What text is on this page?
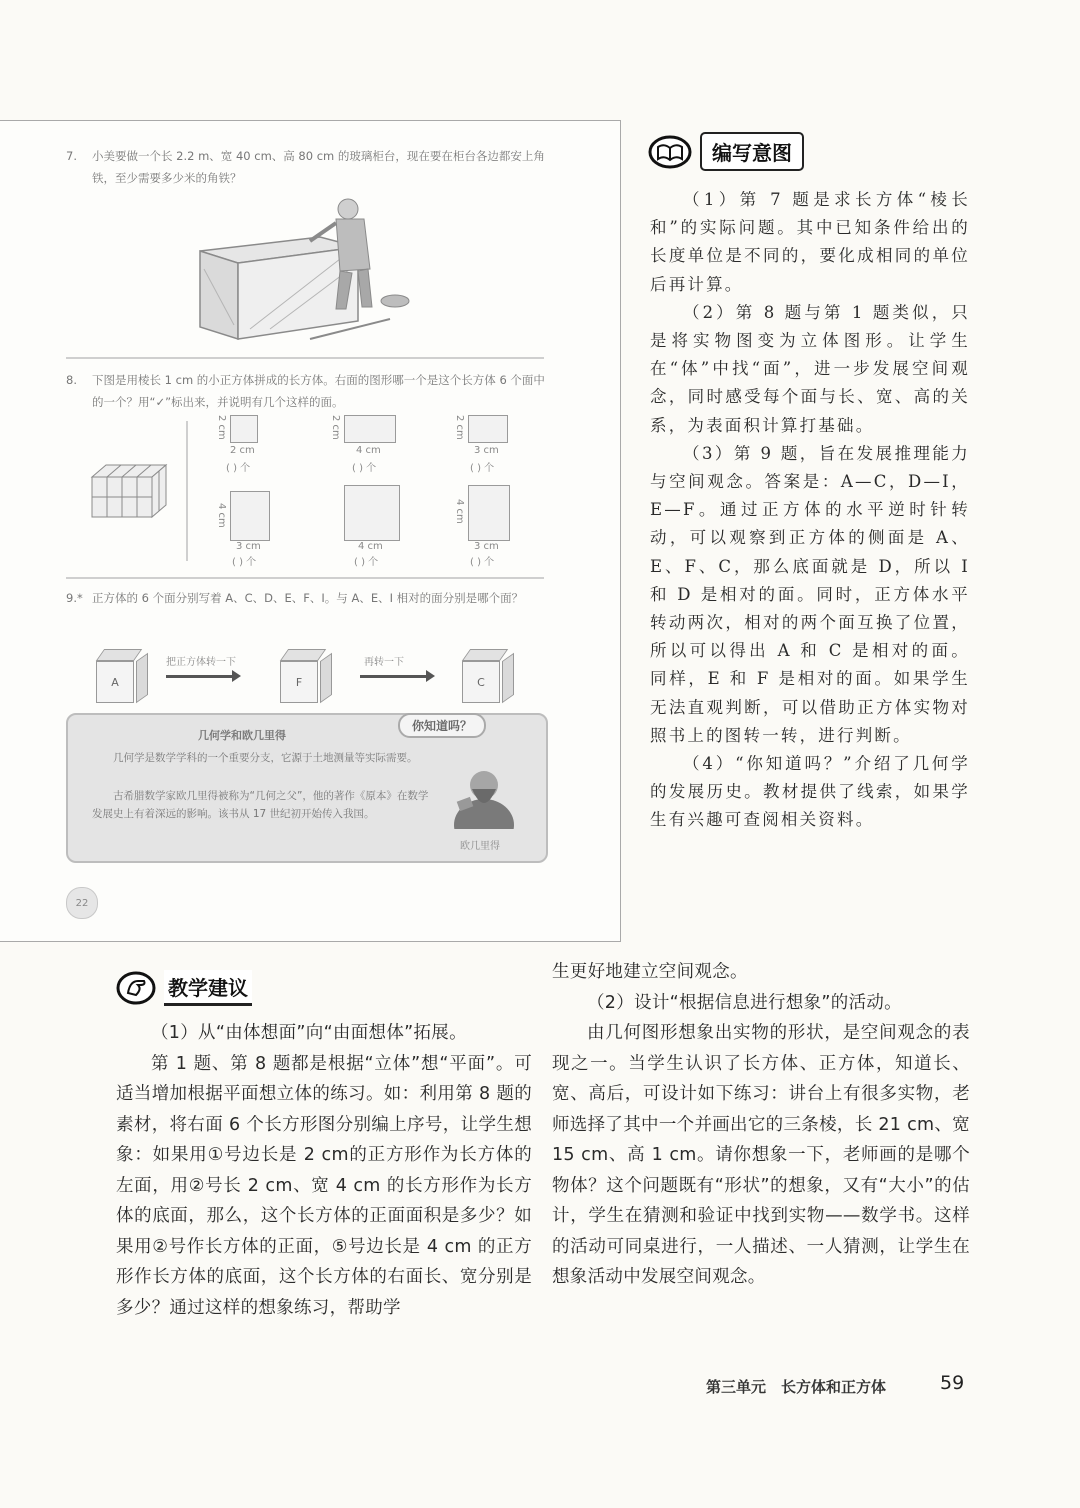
7.	小美要做一个长 2.2 m、宽 40 cm、高 80 cm 的玻璃柜台，现在要在柜台各边都安上角铁，至少需要多少米的角铁？
8.	下图是用棱长 1 cm 的小正方体拼成的长方体。右面的图形哪一个是这个长方体 6 个面中的一个？用“✓”标出来，并说明有几个这样的面。
2 cm
2 cm
( ) 个
2 cm
4 cm
( ) 个
2 cm
3 cm
( ) 个
4 cm
3 cm
( ) 个
4 cm
( ) 个
4 cm
3 cm
( ) 个
9.* 正方体的 6 个面分别写着 A、C、D、E、F、I。与 A、E、I 相对的面分别是哪个面？
A
把正方体转一下
F
再转一下
C
你知道吗？
几何学和欧几里得
几何学是数学学科的一个重要分支，它源于土地测量等实际需要。
古希腊数学家欧几里得被称为“几何之父”，他的著作《原本》在数学发展史上有着深远的影响。该书从 17 世纪初开始传入我国。
欧几里得
22
编写意图

（1）第 7 题是求长方体“棱长和”的实际问题。其中已知条件给出的长度单位是不同的，要化成相同的单位后再计算。

（2）第 8 题与第 1 题类似，只是将实物图变为立体图形。让学生在“体”中找“面”，进一步发展空间观念，同时感受每个面与长、宽、高的关系，为表面积计算打基础。

（3）第 9 题，旨在发展推理能力与空间观念。答案是：A—C，D—I，E—F。通过正方体的水平逆时针转动，可以观察到正方体的侧面是 A、E、F、C，那么底面就是 D，所以 I 和 D 是相对的面。同时，正方体水平转动两次，相对的两个面互换了位置，所以可以得出 A 和 C 是相对的面。同样，E 和 F 是相对的面。如果学生无法直观判断，可以借助正方体实物对照书上的图转一转，进行判断。

（4）“你知道吗？”介绍了几何学的发展历史。教材提供了线索，如果学生有兴趣可查阅相关资料。

教学建议

（1）从“由体想面”向“由面想体”拓展。

第 1 题、第 8 题都是根据“立体”想“平面”。可适当增加根据平面想立体的练习。如：利用第 8 题的素材，将右面 6 个长方形图分别编上序号，让学生想象：如果用①号边长是 2 cm的正方形作为长方体的左面，用②号长 2 cm、宽 4 cm 的长方形作为长方体的底面，那么，这个长方体的正面面积是多少？如果用②号作长方体的正面，⑤号边长是 4 cm 的正方形作长方体的底面，这个长方体的右面长、宽分别是多少？通过这样的想象练习，帮助学

生更好地建立空间观念。

（2）设计“根据信息进行想象”的活动。

由几何图形想象出实物的形状，是空间观念的表现之一。当学生认识了长方体、正方体，知道长、宽、高后，可设计如下练习：讲台上有很多实物，老师选择了其中一个并画出它的三条棱，长 21 cm、宽 15 cm、高 1 cm。请你想象一下，老师画的是哪个物体？这个问题既有“形状”的想象，又有“大小”的估计，学生在猜测和验证中找到实物——数学书。这样的活动可同桌进行，一人描述、一人猜测，让学生在想象活动中发展空间观念。

第三单元　长方体和正方体	59
